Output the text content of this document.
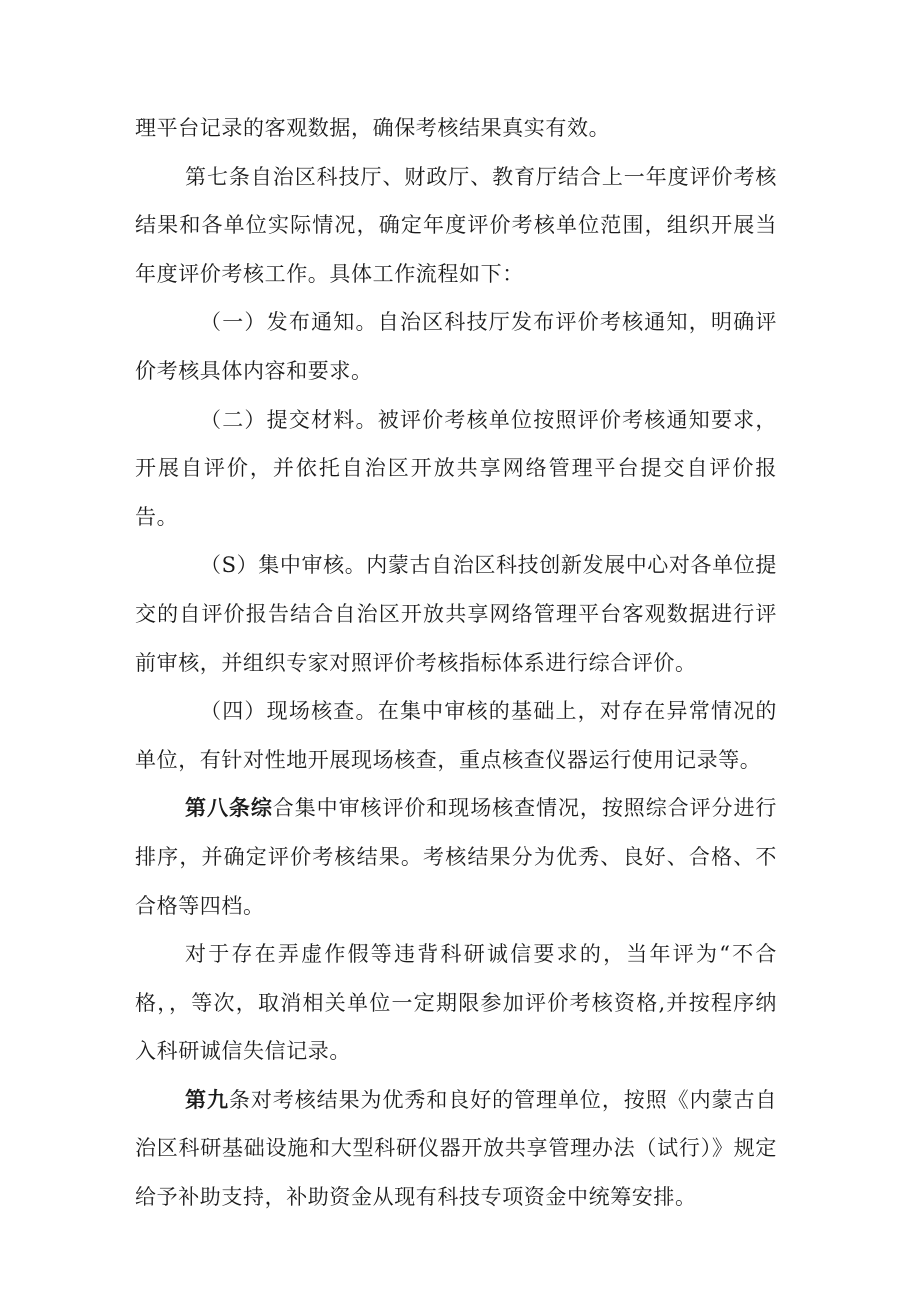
理平台记录的客观数据，确保考核结果真实有效。

第七条自治区科技厅、财政厅、教育厅结合上一年度评价考核结果和各单位实际情况，确定年度评价考核单位范围，组织开展当年度评价考核工作。具体工作流程如下：

（一）发布通知。自治区科技厅发布评价考核通知，明确评价考核具体内容和要求。

（二）提交材料。被评价考核单位按照评价考核通知要求，开展自评价，并依托自治区开放共享网络管理平台提交自评价报告。

（S）集中审核。内蒙古自治区科技创新发展中心对各单位提交的自评价报告结合自治区开放共享网络管理平台客观数据进行评前审核，并组织专家对照评价考核指标体系进行综合评价。

（四）现场核查。在集中审核的基础上，对存在异常情况的单位，有针对性地开展现场核查，重点核查仪器运行使用记录等。

第八条综合集中审核评价和现场核查情况，按照综合评分进行排序，并确定评价考核结果。考核结果分为优秀、良好、合格、不合格等四档。

对于存在弄虚作假等违背科研诚信要求的，当年评为“不合格，，等次，取消相关单位一定期限参加评价考核资格,并按程序纳入科研诚信失信记录。

第九条对考核结果为优秀和良好的管理单位，按照《内蒙古自治区科研基础设施和大型科研仪器开放共享管理办法（试行）》规定给予补助支持，补助资金从现有科技专项资金中统筹安排。
